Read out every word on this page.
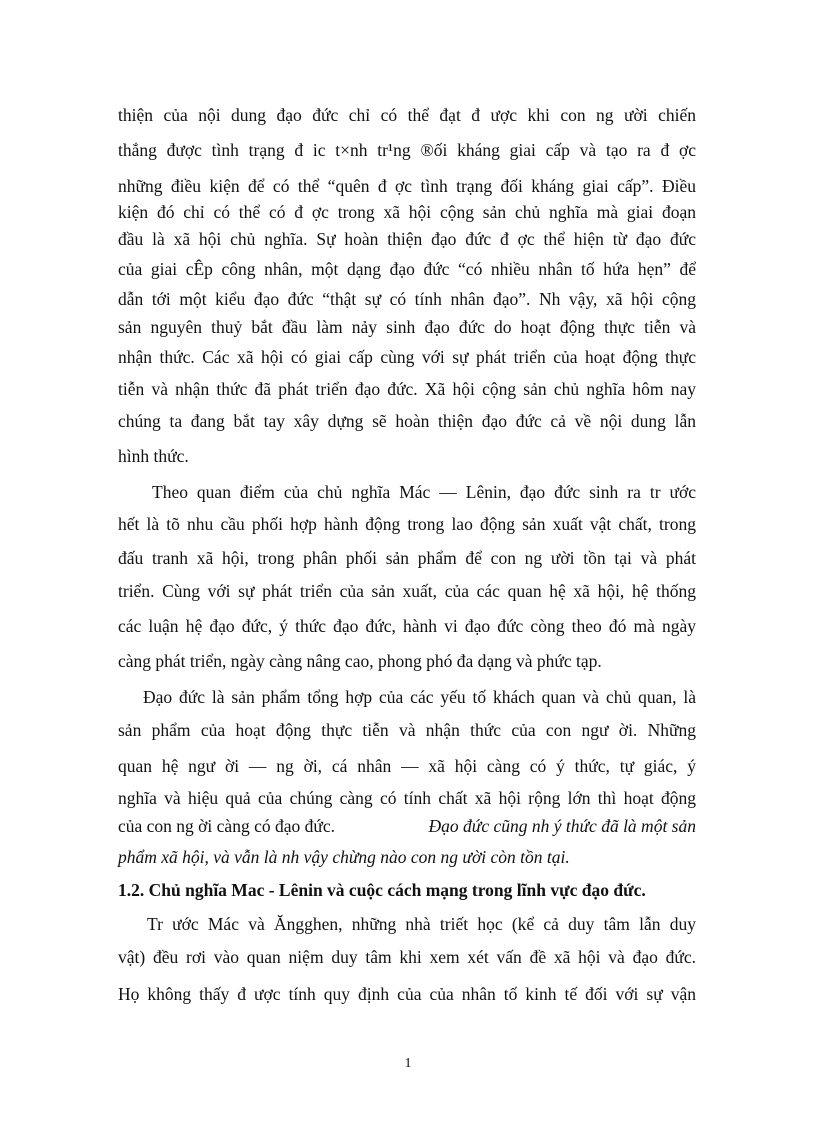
thiện của nội dung đạo đức chỉ có thể đạt đ ược khi con ng ười chiến
thắng được tình trạng đ ic t×nh tr¹ng ®ối kháng giai cấp và tạo ra đ ợc
những điều kiện để có thể “quên đ ợc tình trạng đối kháng giai cấp”. Điều
kiện đó chỉ có thể có đ ợc trong xã hội cộng sản chủ nghĩa mà giai đoạn
đầu là xã hội chủ nghĩa. Sự hoàn thiện đạo đức đ ợc thể hiện từ đạo đức
của giai cÊp công nhân, một dạng đạo đức “có nhiều nhân tố hứa hẹn” để
dẫn tới một kiểu đạo đức “thật sự có tính nhân đạo”. Nh vậy, xã hội cộng
sản nguyên thuỷ bắt đầu làm nảy sinh đạo đức do hoạt động thực tiễn và
nhận thức. Các xã hội có giai cấp cùng với sự phát triển của hoạt động thực
tiễn và nhận thức đã phát triển đạo đức. Xã hội cộng sản chủ nghĩa hôm nay
chúng ta đang bắt tay xây dựng sẽ hoàn thiện đạo đức cả về nội dung lẫn
hình thức.
Theo quan điểm của chủ nghĩa Mác — Lênin, đạo đức sinh ra tr ước
hết là tõ nhu cầu phối hợp hành động trong lao động sản xuất vật chất, trong
đấu tranh xã hội, trong phân phối sản phẩm để con ng ười tồn tại và phát
triển. Cùng với sự phát triển của sản xuất, của các quan hệ xã hội, hệ thống
các luận hệ đạo đức, ý thức đạo đức, hành vi đạo đức còng theo đó mà ngày
càng phát triển, ngày càng nâng cao, phong phó đa dạng và phức tạp.
Đạo đức là sản phẩm tổng hợp của các yếu tố khách quan và chủ quan, là
sản phẩm của hoạt động thực tiễn và nhận thức của con ngư ời. Những
quan hệ ngư ời — ng ời, cá nhân — xã hội càng có ý thức, tự giác, ý
nghĩa và hiệu quả của chúng càng có tính chất xã hội rộng lớn thì hoạt động
của con ng ời càng có đạo đức.	Đạo đức cũng nh ý thức đã là một sản
phẩm xã hội, và vẫn là nh vậy chừng nào con ng ười còn tồn tại.
1.2. Chủ nghĩa Mac - Lênin và cuộc cách mạng trong lĩnh vực đạo đức.
Tr ước Mác và Ăngghen, những nhà triết học (kể cả duy tâm lẫn duy
vật) đều rơi vào quan niệm duy tâm khi xem xét vấn đề xã hội và đạo đức.
Họ không thấy đ ược tính quy định của của nhân tố kinh tế đối với sự vận
1
